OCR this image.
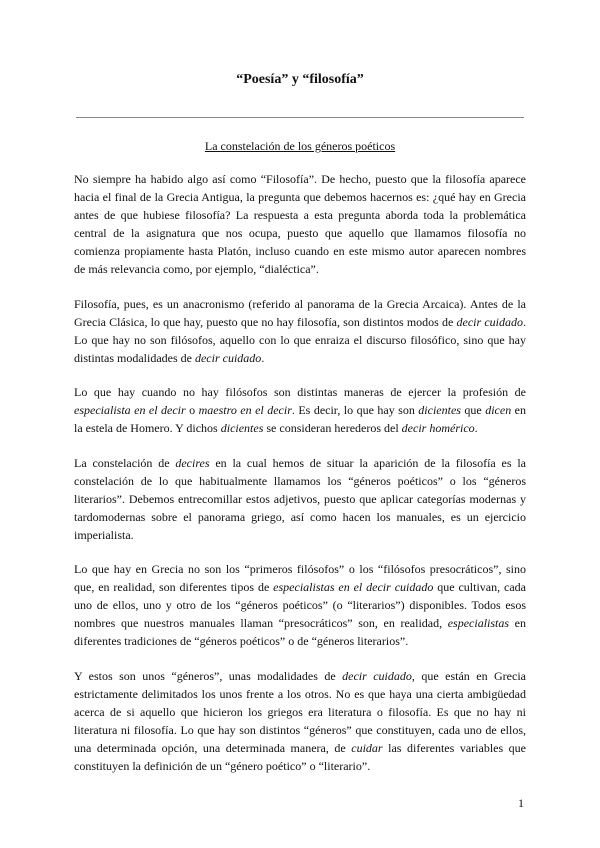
“Poesía” y “filosofía”
La constelación de los géneros poéticos

No siempre ha habido algo así como “Filosofía”. De hecho, puesto que la filosofía aparece hacia el final de la Grecia Antigua, la pregunta que debemos hacernos es: ¿qué hay en Grecia antes de que hubiese filosofía? La respuesta a esta pregunta aborda toda la problemática central de la asignatura que nos ocupa, puesto que aquello que llamamos filosofía no comienza propiamente hasta Platón, incluso cuando en este mismo autor aparecen nombres de más relevancia como, por ejemplo, “dialéctica”.

Filosofía, pues, es un anacronismo (referido al panorama de la Grecia Arcaica). Antes de la Grecia Clásica, lo que hay, puesto que no hay filosofía, son distintos modos de decir cuidado. Lo que hay no son filósofos, aquello con lo que enraiza el discurso filosófico, sino que hay distintas modalidades de decir cuidado.

Lo que hay cuando no hay filósofos son distintas maneras de ejercer la profesión de especialista en el decir o maestro en el decir. Es decir, lo que hay son dicientes que dicen en la estela de Homero. Y dichos dicientes se consideran herederos del decir homérico.

La constelación de decires en la cual hemos de situar la aparición de la filosofía es la constelación de lo que habitualmente llamamos los “géneros poéticos” o los “géneros literarios”. Debemos entrecomillar estos adjetivos, puesto que aplicar categorías modernas y tardomodernas sobre el panorama griego, así como hacen los manuales, es un ejercicio imperialista.

Lo que hay en Grecia no son los “primeros filósofos” o los “filósofos presocráticos”, sino que, en realidad, son diferentes tipos de especialistas en el decir cuidado que cultivan, cada uno de ellos, uno y otro de los “géneros poéticos” (o “literarios”) disponibles. Todos esos nombres que nuestros manuales llaman “presocráticos” son, en realidad, especialistas en diferentes tradiciones de “géneros poéticos” o de “géneros literarios”.

Y estos son unos “géneros”, unas modalidades de decir cuidado, que están en Grecia estrictamente delimitados los unos frente a los otros. No es que haya una cierta ambigüedad acerca de si aquello que hicieron los griegos era literatura o filosofía. Es que no hay ni literatura ni filosofía. Lo que hay son distintos “géneros” que constituyen, cada uno de ellos, una determinada opción, una determinada manera, de cuidar las diferentes variables que constituyen la definición de un “género poético” o “literario”.

1
